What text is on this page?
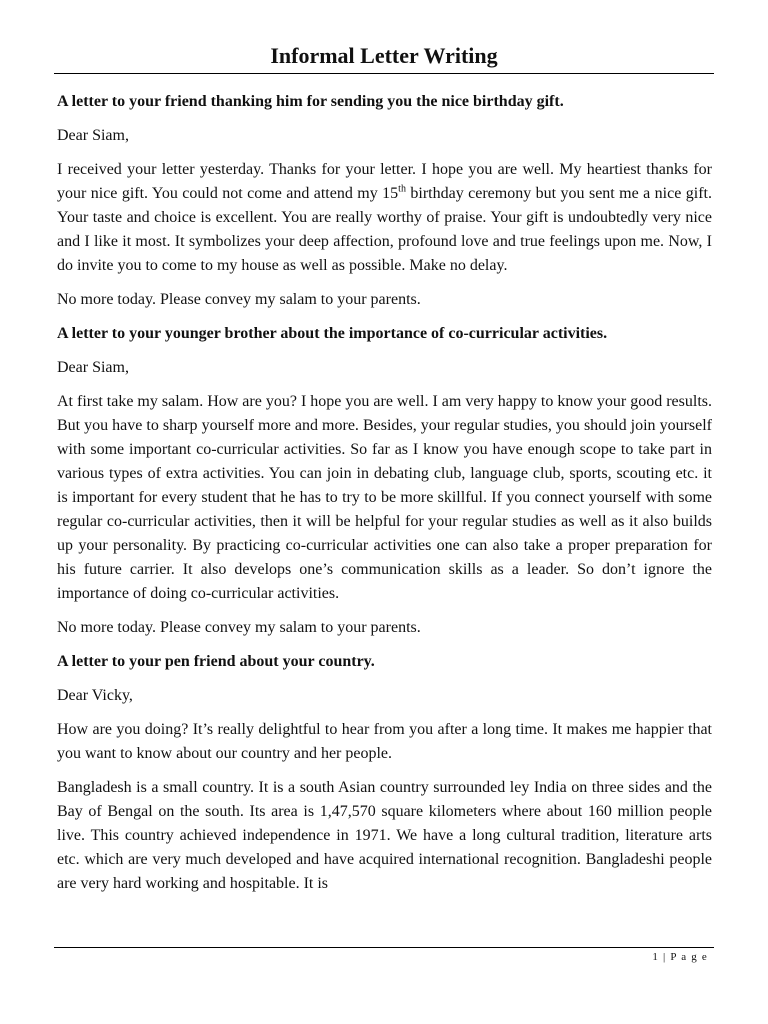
Informal Letter Writing

A letter to your friend thanking him for sending you the nice birthday gift.

Dear Siam,

I received your letter yesterday. Thanks for your letter. I hope you are well. My heartiest thanks for your nice gift. You could not come and attend my 15th birthday ceremony but you sent me a nice gift. Your taste and choice is excellent. You are really worthy of praise. Your gift is undoubtedly very nice and I like it most. It symbolizes your deep affection, profound love and true feelings upon me. Now, I do invite you to come to my house as well as possible. Make no delay.

No more today. Please convey my salam to your parents.

A letter to your younger brother about the importance of co-curricular activities.

Dear Siam,

At first take my salam. How are you? I hope you are well. I am very happy to know your good results. But you have to sharp yourself more and more. Besides, your regular studies, you should join yourself with some important co-curricular activities. So far as I know you have enough scope to take part in various types of extra activities. You can join in debating club, language club, sports, scouting etc. it is important for every student that he has to try to be more skillful. If you connect yourself with some regular co-curricular activities, then it will be helpful for your regular studies as well as it also builds up your personality. By practicing co-curricular activities one can also take a proper preparation for his future carrier. It also develops one’s communication skills as a leader. So don’t ignore the importance of doing co-curricular activities.

No more today. Please convey my salam to your parents.

A letter to your pen friend about your country.

Dear Vicky,

How are you doing? It’s really delightful to hear from you after a long time. It makes me happier that you want to know about our country and her people.

Bangladesh is a small country. It is a south Asian country surrounded ley India on three sides and the Bay of Bengal on the south. Its area is 1,47,570 square kilometers where about 160 million people live. This country achieved independence in 1971. We have a long cultural tradition, literature arts etc. which are very much developed and have acquired international recognition. Bangladeshi people are very hard working and hospitable. It is

1 | P a g e
